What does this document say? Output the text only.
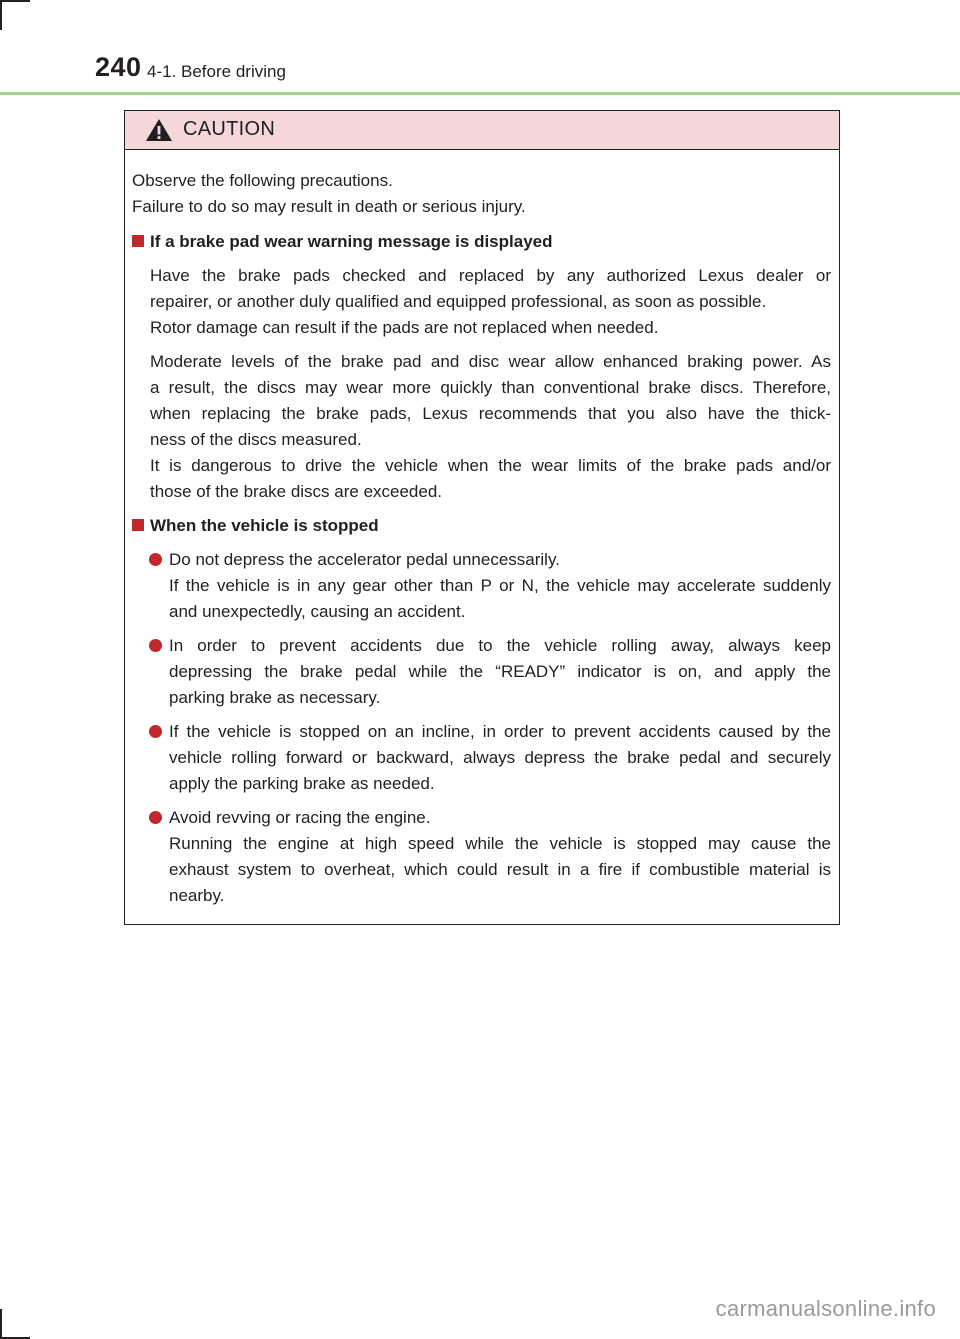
240 4-1. Before driving
CAUTION
Observe the following precautions.
Failure to do so may result in death or serious injury.
If a brake pad wear warning message is displayed
Have the brake pads checked and replaced by any authorized Lexus dealer or
repairer, or another duly qualified and equipped professional, as soon as possible.
Rotor damage can result if the pads are not replaced when needed.
Moderate levels of the brake pad and disc wear allow enhanced braking power. As
a result, the discs may wear more quickly than conventional brake discs. Therefore,
when replacing the brake pads, Lexus recommends that you also have the thick-
ness of the discs measured.
It is dangerous to drive the vehicle when the wear limits of the brake pads and/or
those of the brake discs are exceeded.
When the vehicle is stopped
Do not depress the accelerator pedal unnecessarily.
If the vehicle is in any gear other than P or N, the vehicle may accelerate suddenly
and unexpectedly, causing an accident.
In order to prevent accidents due to the vehicle rolling away, always keep
depressing the brake pedal while the “READY” indicator is on, and apply the
parking brake as necessary.
If the vehicle is stopped on an incline, in order to prevent accidents caused by the
vehicle rolling forward or backward, always depress the brake pedal and securely
apply the parking brake as needed.
Avoid revving or racing the engine.
Running the engine at high speed while the vehicle is stopped may cause the
exhaust system to overheat, which could result in a fire if combustible material is
nearby.
carmanualsonline.info
